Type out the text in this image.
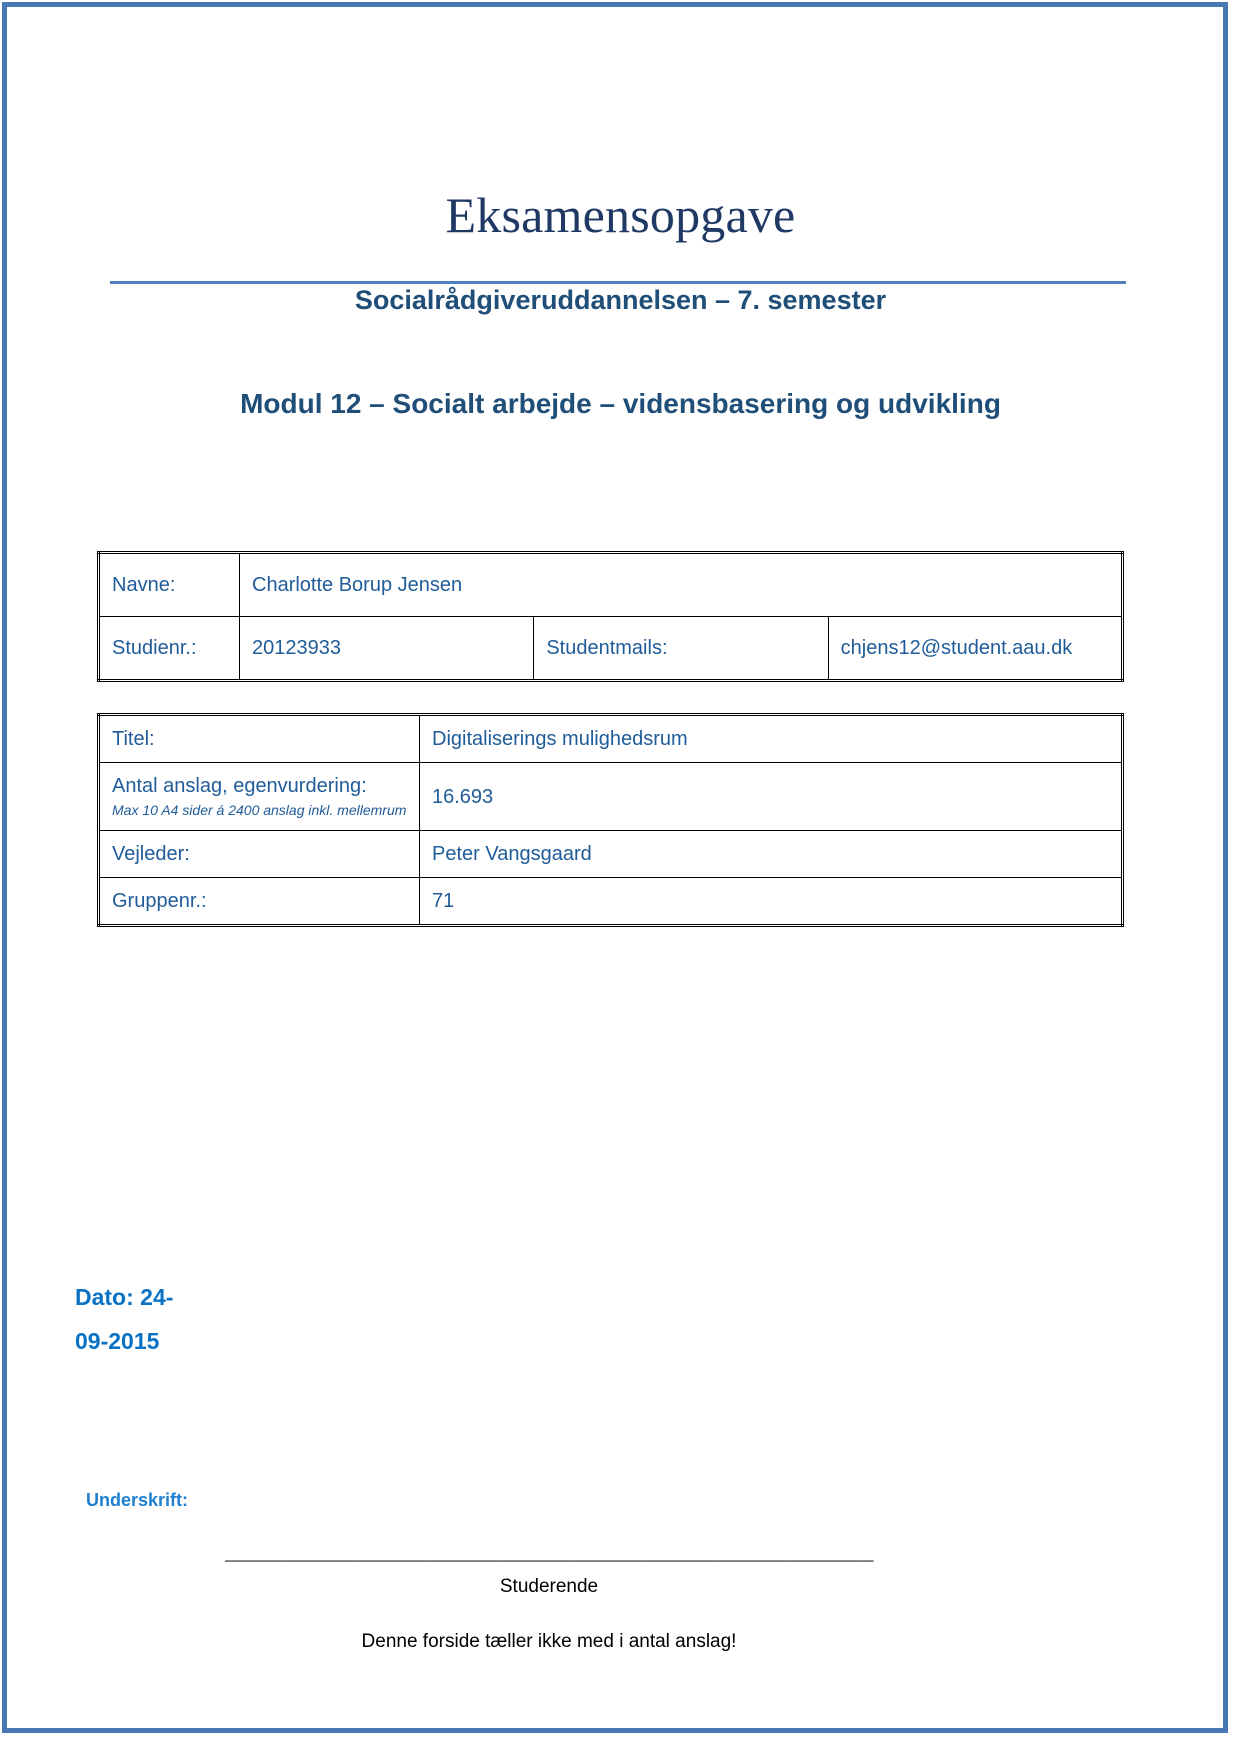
Eksamensopgave
Socialrådgiveruddannelsen – 7. semester
Modul 12 – Socialt arbejde – vidensbasering og udvikling
Navne:	Charlotte Borup Jensen		
Studienr.:	20123933	Studentmails:	chjens12@student.aau.dk
Titel:	Digitaliserings mulighedsrum
Antal anslag, egenvurdering:
Max 10 A4 sider á 2400 anslag inkl. mellemrum	16.693
Vejleder:	Peter Vangsgaard
Gruppenr.:	71
Dato: 24-
09-2015
Underskrift:
________________________________________________________________________
Studerende
Denne forside tæller ikke med i antal anslag!
